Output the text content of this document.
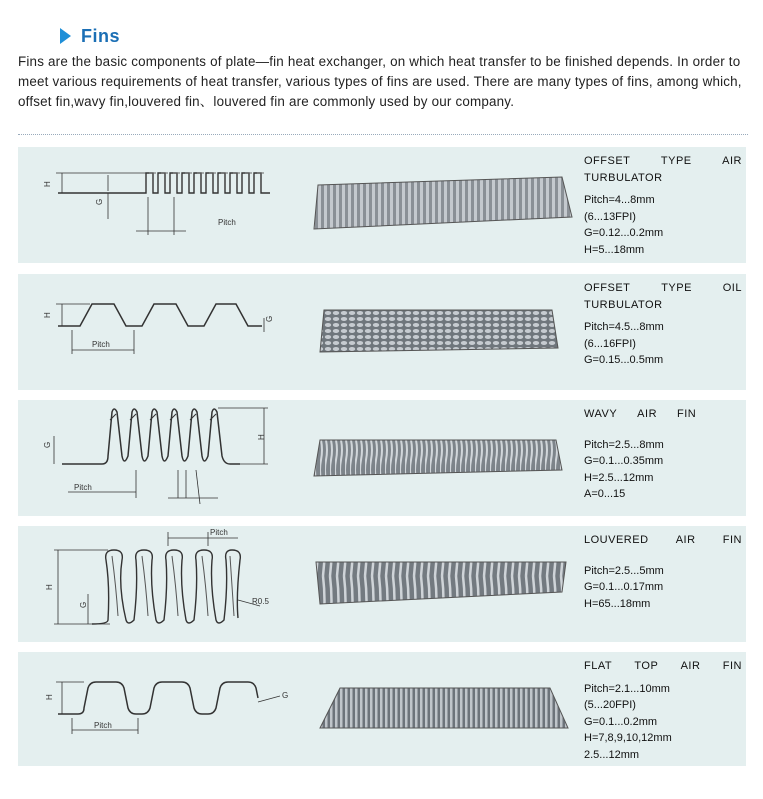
Fins
Fins are the basic components of plate—fin heat exchanger, on which heat transfer to be finished depends. In order to meet various requirements of heat transfer, various types of fins are used. There are many types of fins, among which, offset fin,wavy fin,louvered fin、louvered fin are commonly used by our company.
H
G
Pitch
OFFSET	TYPE	AIR
TURBULATOR
Pitch=4...8mm
(6...13FPI)
G=0.12...0.2mm
H=5...18mm
H
G
Pitch
OFFSET	TYPE	OIL
TURBULATOR
Pitch=4.5...8mm
(6...16FPI)
G=0.15...0.5mm
G
H
Pitch
WAVY AIR FIN
Pitch=2.5...8mm
G=0.1...0.35mm
H=2.5...12mm
A=0...15
H
G
Pitch
R0.5
LOUVERED AIR FIN
Pitch=2.5...5mm
G=0.1...0.17mm
H=65...18mm
H	G
Pitch
FLAT TOP AIR FIN
Pitch=2.1...10mm
(5...20FPI)
G=0.1...0.2mm
H=7,8,9,10,12mm
2.5...12mm
